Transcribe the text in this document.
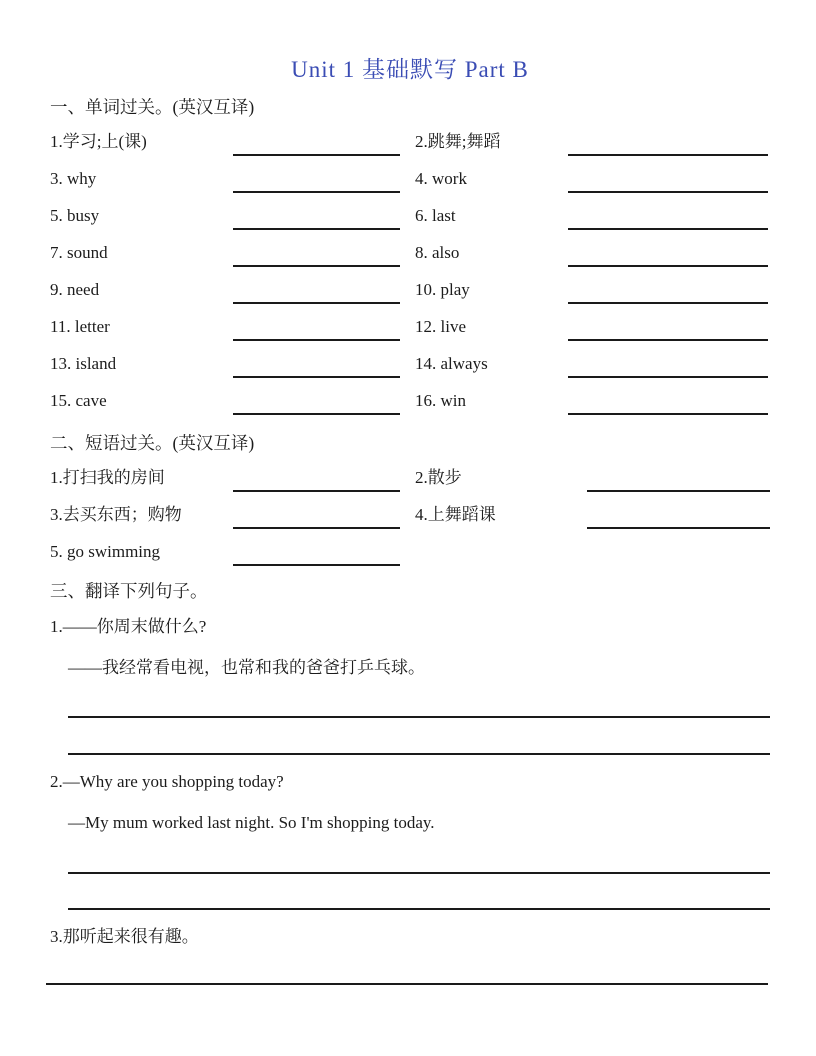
Unit 1 基础默写 Part B

一、单词过关。(英汉互译)

1.学习;上(课)	2.跳舞;舞蹈
3. why	4. work
5. busy	6. last
7. sound	8. also
9. need	10. play
11. letter	12. live
13. island	14. always
15. cave	16. win

二、短语过关。(英汉互译)

1.打扫我的房间	2.散步
3.去买东西；购物	4.上舞蹈课
5. go swimming

三、翻译下列句子。

1.——你周末做什么?

——我经常看电视，也常和我的爸爸打乒乓球。

2.—Why are you shopping today?

—My mum worked last night. So I'm shopping today.

3.那听起来很有趣。
